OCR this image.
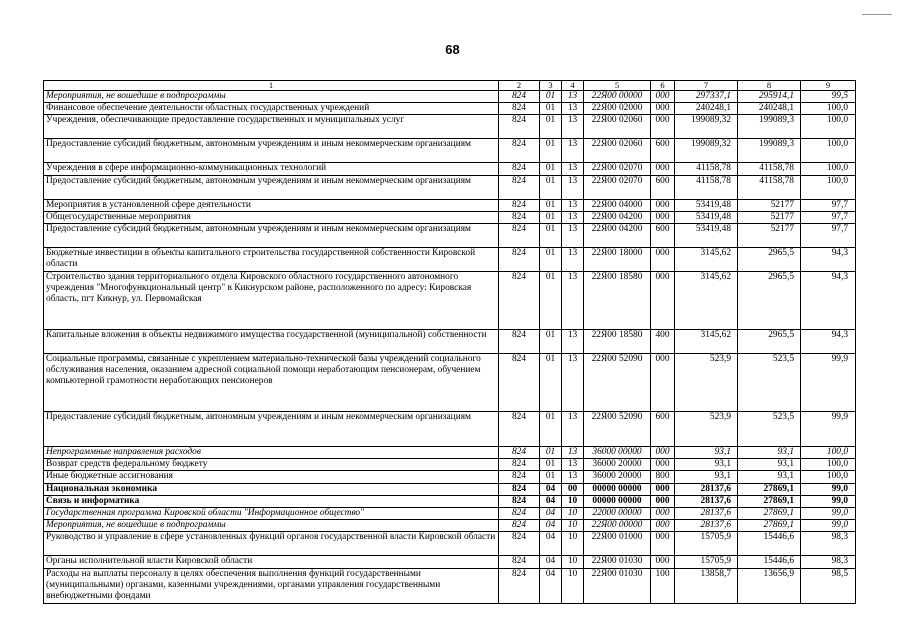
68
1	2	3	4	5	6	7	8	9
Мероприятия, не вошедшие в подпрограммы	824	01	13	22Я00 00000	000	297337,1	295914,1	99,5
Финансовое обеспечение деятельности областных государственных учреждений	824	01	13	22Я00 02000	000	240248,1	240248,1	100,0
Учреждения, обеспечивающие предоставление государственных и муниципальных услуг	824	01	13	22Я00 02060	000	199089,32	199089,3	100,0
Предоставление субсидий бюджетным, автономным учреждениям и иным некоммерческим организациям	824	01	13	22Я00 02060	600	199089,32	199089,3	100,0
Учреждения в сфере информационно-коммуникационных технологий	824	01	13	22Я00 02070	000	41158,78	41158,78	100,0
Предоставление субсидий бюджетным, автономным учреждениям и иным некоммерческим организациям	824	01	13	22Я00 02070	600	41158,78	41158,78	100,0
Мероприятия в установленной сфере деятельности	824	01	13	22Я00 04000	000	53419,48	52177	97,7
Общегосударственные мероприятия	824	01	13	22Я00 04200	000	53419,48	52177	97,7
Предоставление субсидий бюджетным, автономным учреждениям и иным некоммерческим организациям	824	01	13	22Я00 04200	600	53419,48	52177	97,7
Бюджетные инвестиции в объекты капитального строительства государственной собственности Кировской области	824	01	13	22Я00 18000	000	3145,62	2965,5	94,3
Строительство здания территориального отдела Кировского областного государственного автономного учреждения "Многофункциональный центр" в Кикнурском районе, расположенного по адресу: Кировская область, пгт Кикнур, ул. Первомайская	824	01	13	22Я00 18580	000	3145,62	2965,5	94,3
Капитальные вложения в объекты недвижимого имущества государственной (муниципальной) собственности	824	01	13	22Я00 18580	400	3145,62	2965,5	94,3
Социальные программы, связанные с укреплением материально-технической базы учреждений социального обслуживания населения, оказанием адресной социальной помощи неработающим пенсионерам, обучением компьютерной грамотности неработающих пенсионеров	824	01	13	22Я00 52090	000	523,9	523,5	99,9
Предоставление субсидий бюджетным, автономным учреждениям и иным некоммерческим организациям	824	01	13	22Я00 52090	600	523,9	523,5	99,9
Непрограммные направления расходов	824	01	13	36000 00000	000	93,1	93,1	100,0
Возврат средств федеральному бюджету	824	01	13	36000 20000	000	93,1	93,1	100,0
Иные бюджетные ассигнования	824	01	13	36000 20000	800	93,1	93,1	100,0
Национальная экономика	824	04	00	00000 00000	000	28137,6	27869,1	99,0
Связь и информатика	824	04	10	00000 00000	000	28137,6	27869,1	99,0
Государственная программа Кировской области "Информационное общество"	824	04	10	22000 00000	000	28137,6	27869,1	99,0
Мероприятия, не вошедшие в подпрограммы	824	04	10	22Я00 00000	000	28137,6	27869,1	99,0
Руководство и управление в сфере установленных функций органов государственной власти Кировской области	824	04	10	22Я00 01000	000	15705,9	15446,6	98,3
Органы исполнительной власти Кировской области	824	04	10	22Я00 01030	000	15705,9	15446,6	98,3
Расходы на выплаты персоналу в целях обеспечения выполнения функций государственными (муниципальными) органами, казенными учреждениями, органами управления государственными внебюджетными фондами	824	04	10	22Я00 01030	100	13858,7	13656,9	98,5
